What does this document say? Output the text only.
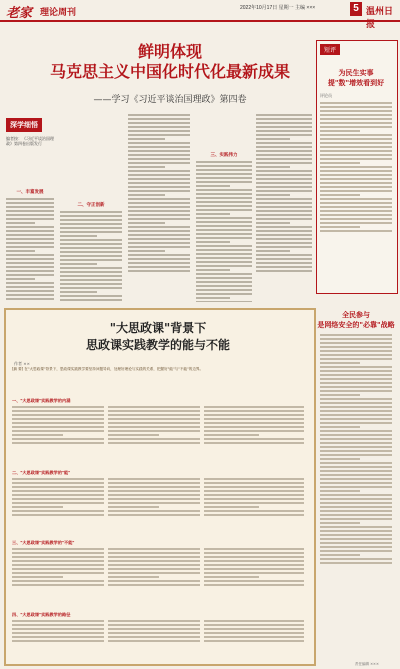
老家 理论周刊	2022年10月17日 星期一 主编 ×××	5 温州日报
鲜明体现
马克思主义中国化时代化最新成果
——学习《习近平谈治国理政》第四卷
深学细悟
编者按：《习近平谈治国理政》第四卷出版发行
一、丰富发展
二、守正创新
三、实践伟力
短评
为民生实事
提"数"增效看到好
评论员
"大思政课"背景下
思政课实践教学的能与不能
作者 ××
[摘 要] 在"大思政课"背景下，思政课实践教学要坚持问题导向，处理好理论与实践的关系，把握好"能"与"不能"的边界。
一、"大思政课"实践教学的内涵
二、"大思政课"实践教学的"能"
三、"大思政课"实践教学的"不能"
四、"大思政课"实践教学的路径
全民参与
是网络安全的"必靠"战略
责任编辑 ×××
